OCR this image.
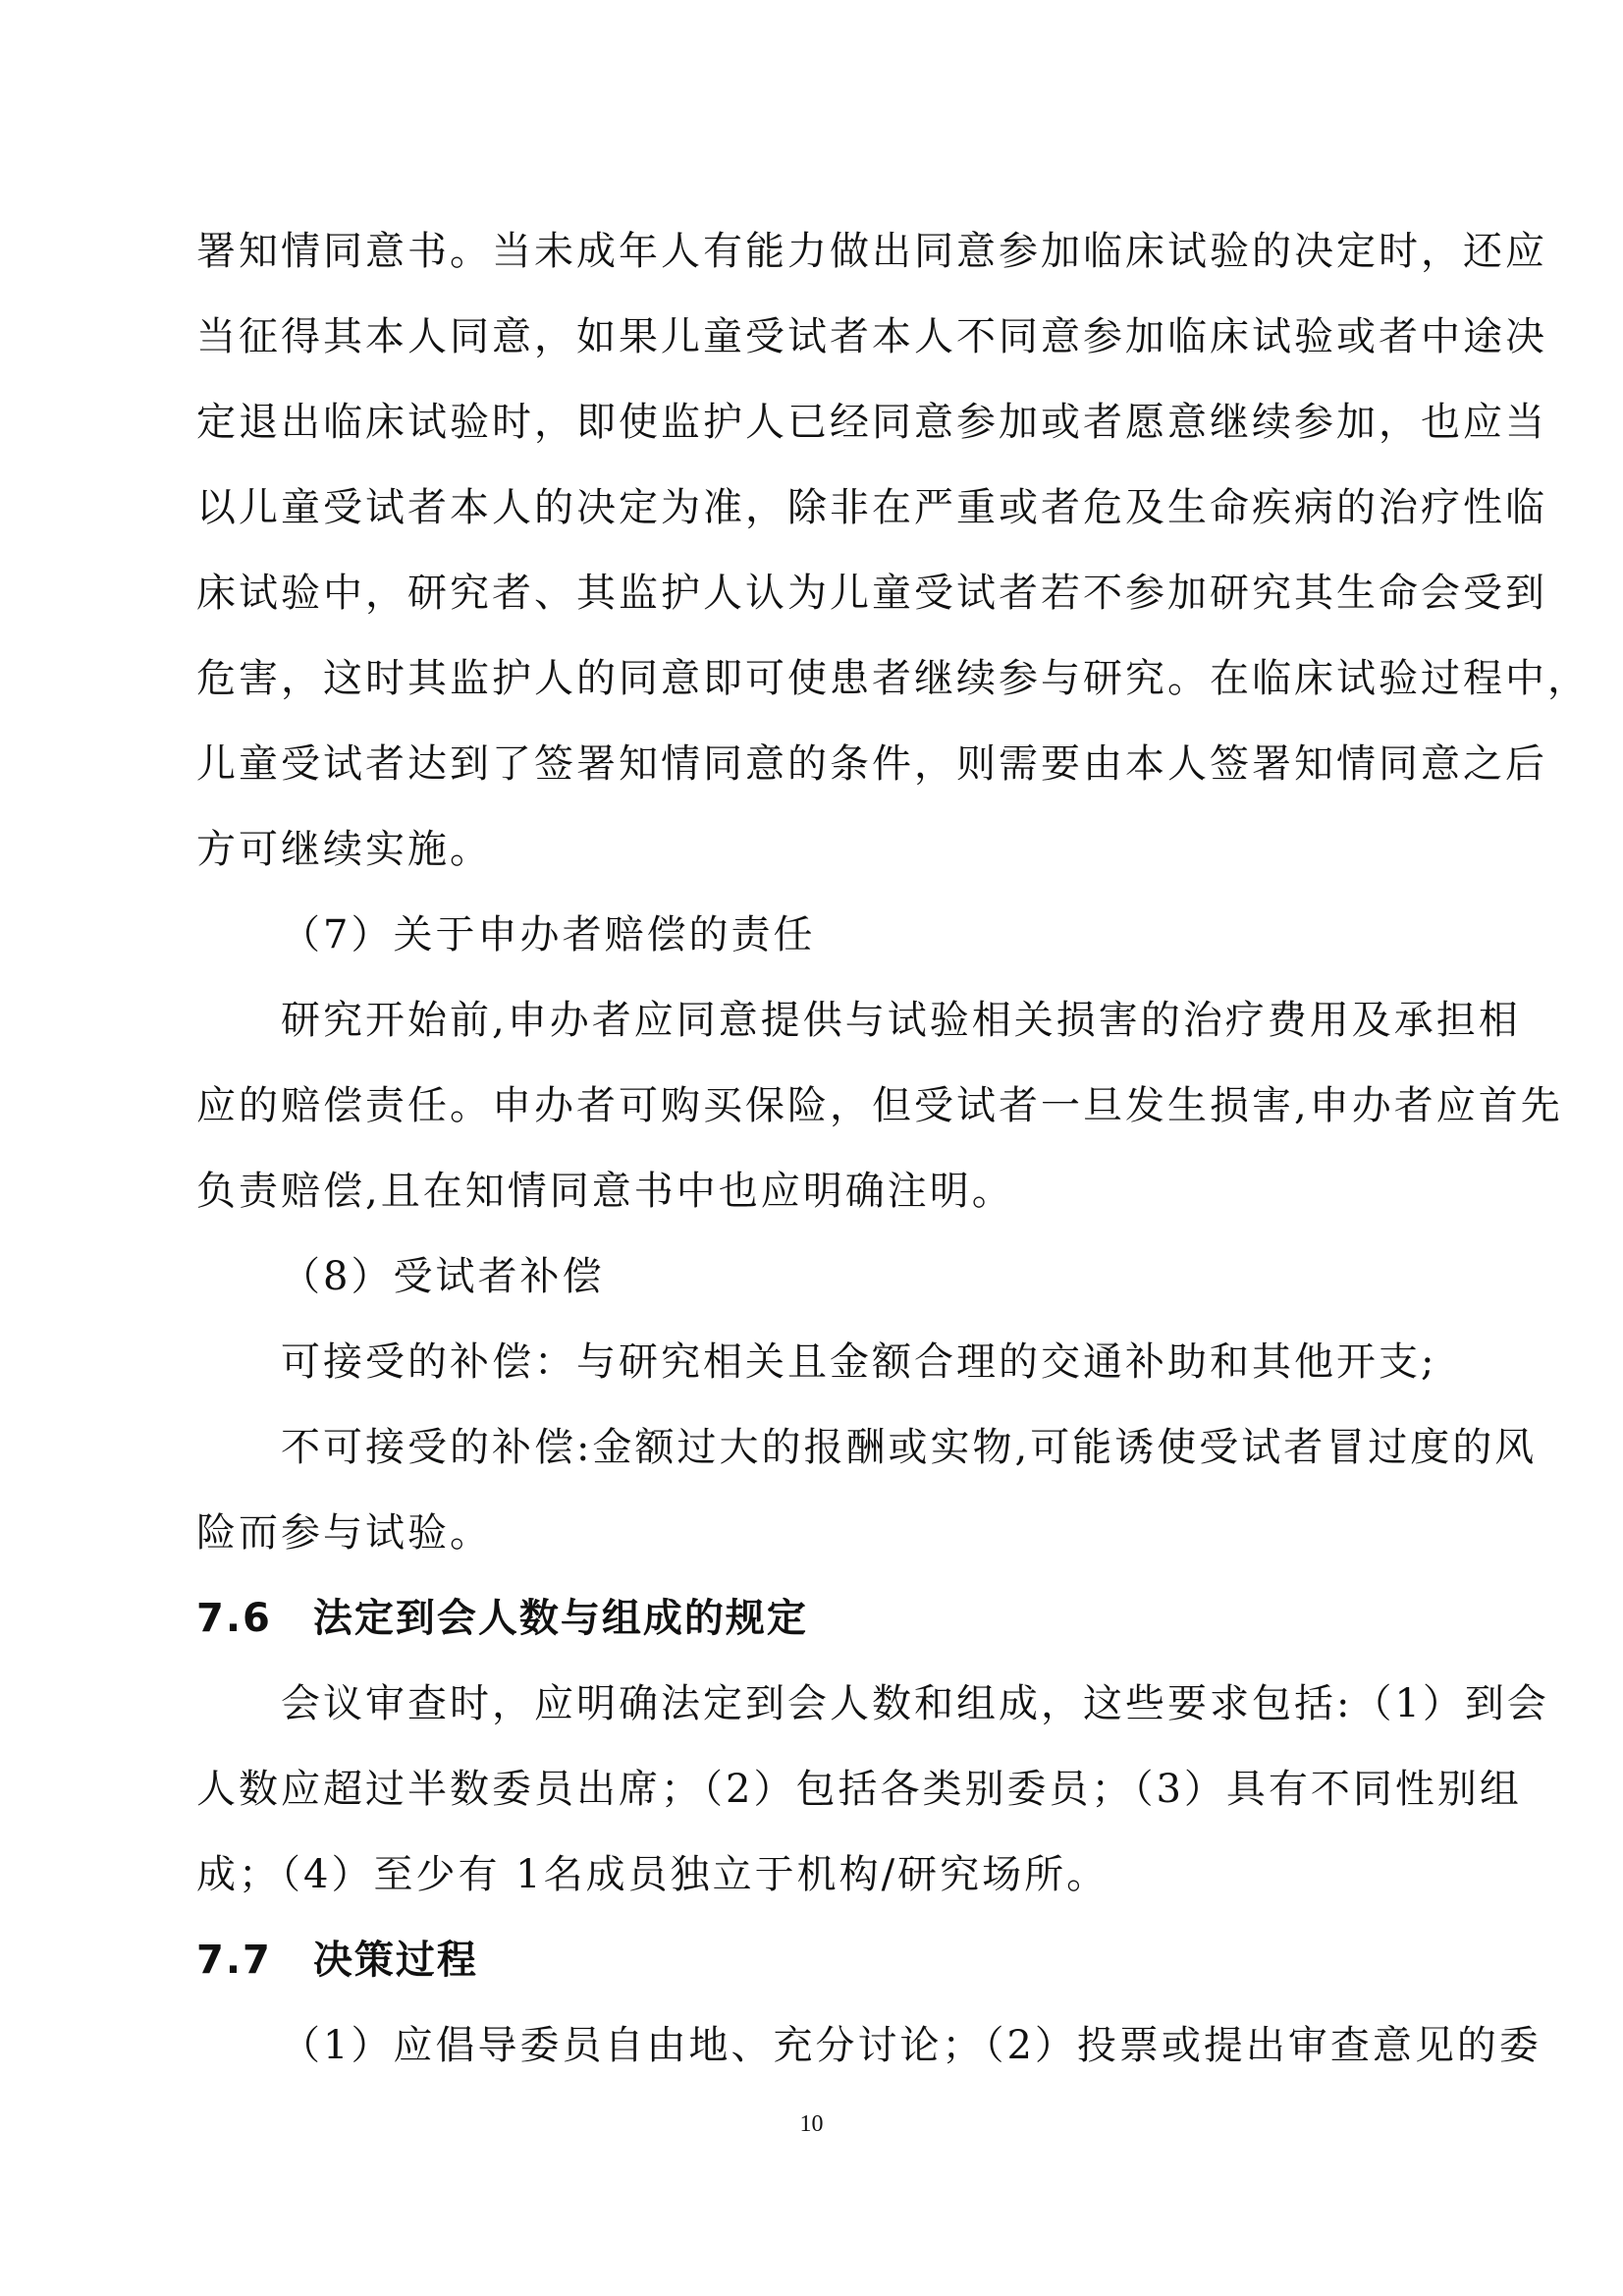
署知情同意书。当未成年人有能力做出同意参加临床试验的决定时，还应
当征得其本人同意，如果儿童受试者本人不同意参加临床试验或者中途决
定退出临床试验时，即使监护人已经同意参加或者愿意继续参加，也应当
以儿童受试者本人的决定为准，除非在严重或者危及生命疾病的治疗性临
床试验中，研究者、其监护人认为儿童受试者若不参加研究其生命会受到
危害，这时其监护人的同意即可使患者继续参与研究。在临床试验过程中，
儿童受试者达到了签署知情同意的条件，则需要由本人签署知情同意之后
方可继续实施。
（7）关于申办者赔偿的责任
研究开始前,申办者应同意提供与试验相关损害的治疗费用及承担相
应的赔偿责任。申办者可购买保险，但受试者一旦发生损害,申办者应首先
负责赔偿,且在知情同意书中也应明确注明。
（8）受试者补偿
可接受的补偿：与研究相关且金额合理的交通补助和其他开支;
不可接受的补偿:金额过大的报酬或实物,可能诱使受试者冒过度的风
险而参与试验。
7.6　法定到会人数与组成的规定
会议审查时，应明确法定到会人数和组成，这些要求包括:（1）到会
人数应超过半数委员出席；（2）包括各类别委员；（3）具有不同性别组
成；（4）至少有 1名成员独立于机构/研究场所。
7.7　决策过程
（1）应倡导委员自由地、充分讨论；（2）投票或提出审查意见的委
10
